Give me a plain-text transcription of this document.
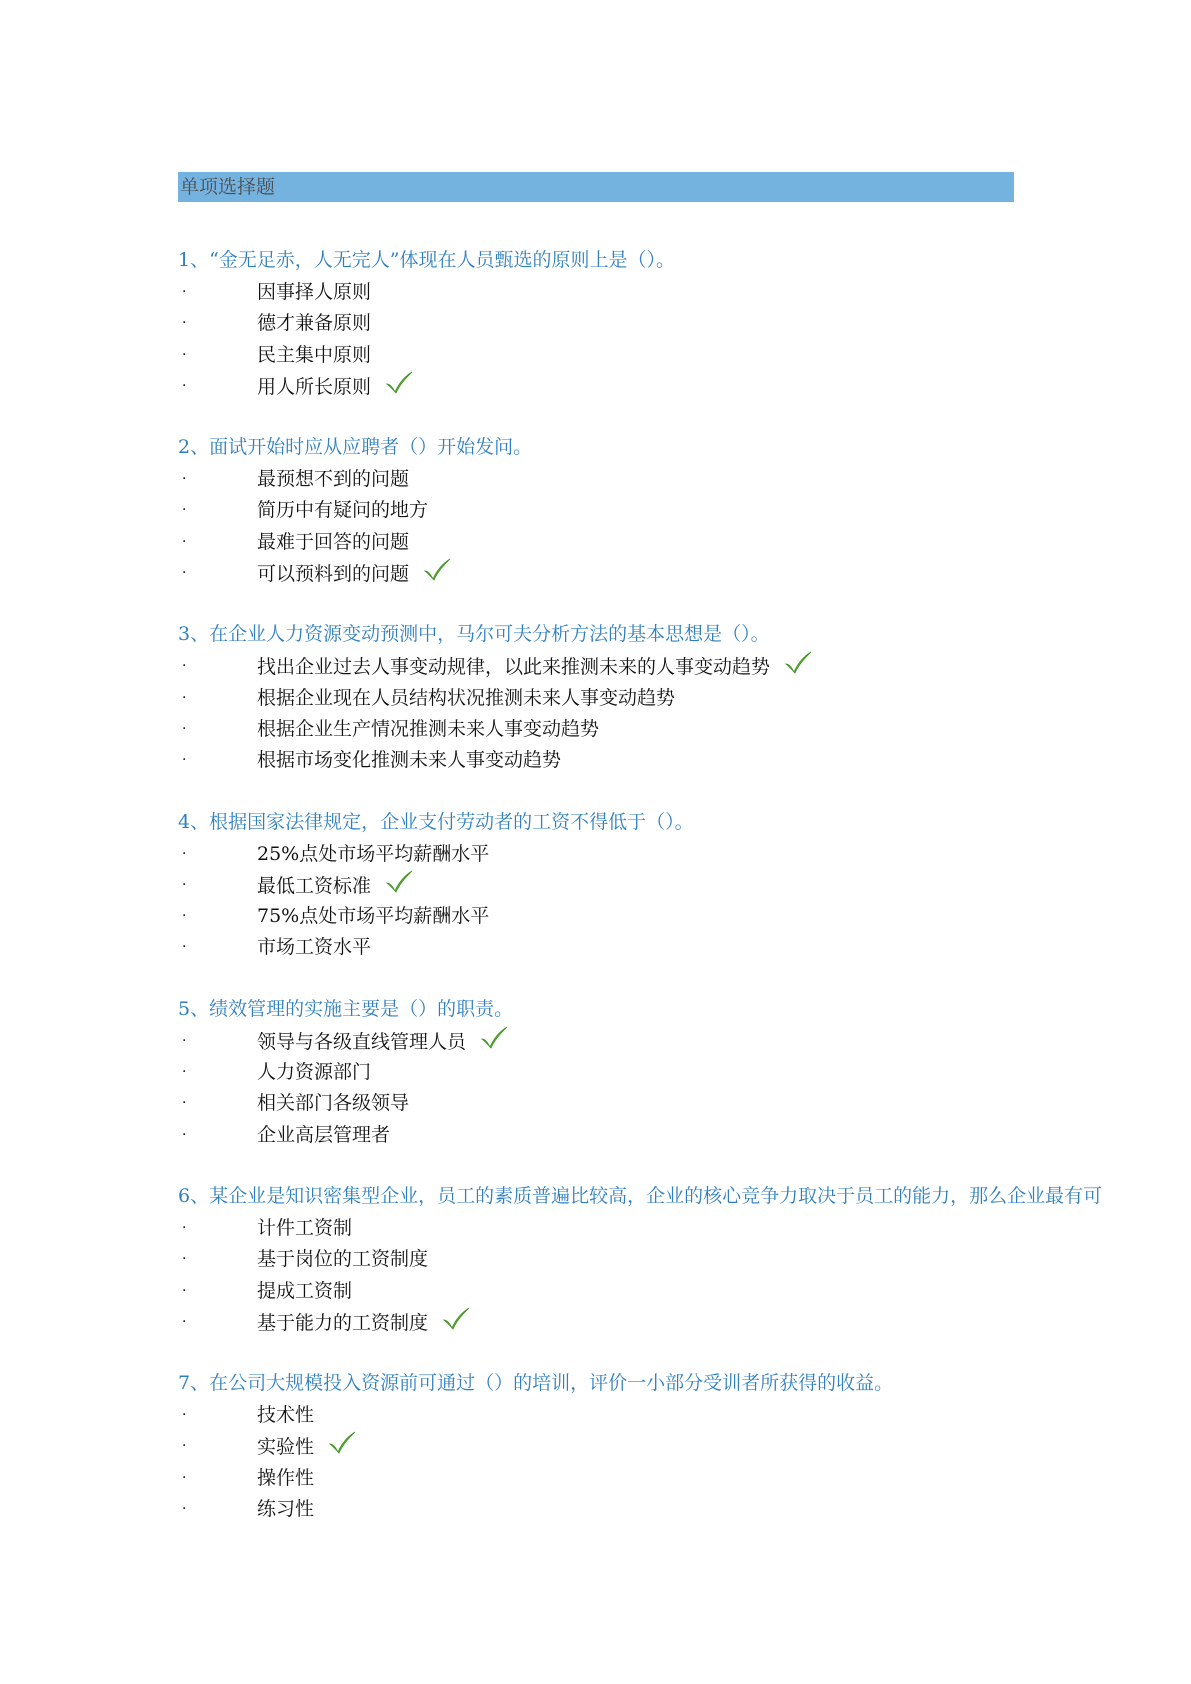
单项选择题
1、“金无足赤，人无完人”体现在人员甄选的原则上是（）。
·	因事择人原则
·	德才兼备原则
·	民主集中原则
·	用人所长原则
2、面试开始时应从应聘者（）开始发问。
·	最预想不到的问题
·	简历中有疑问的地方
·	最难于回答的问题
·	可以预料到的问题
3、在企业人力资源变动预测中，马尔可夫分析方法的基本思想是（）。
·	找出企业过去人事变动规律，以此来推测未来的人事变动趋势
·	根据企业现在人员结构状况推测未来人事变动趋势
·	根据企业生产情况推测未来人事变动趋势
·	根据市场变化推测未来人事变动趋势
4、根据国家法律规定，企业支付劳动者的工资不得低于（）。
·	25%点处市场平均薪酬水平
·	最低工资标准
·	75%点处市场平均薪酬水平
·	市场工资水平
5、绩效管理的实施主要是（）的职责。
·	领导与各级直线管理人员
·	人力资源部门
·	相关部门各级领导
·	企业高层管理者
6、某企业是知识密集型企业，员工的素质普遍比较高，企业的核心竞争力取决于员工的能力，那么企业最有可
·	计件工资制
·	基于岗位的工资制度
·	提成工资制
·	基于能力的工资制度
7、在公司大规模投入资源前可通过（）的培训，评价一小部分受训者所获得的收益。
·	技术性
·	实验性
·	操作性
·	练习性
